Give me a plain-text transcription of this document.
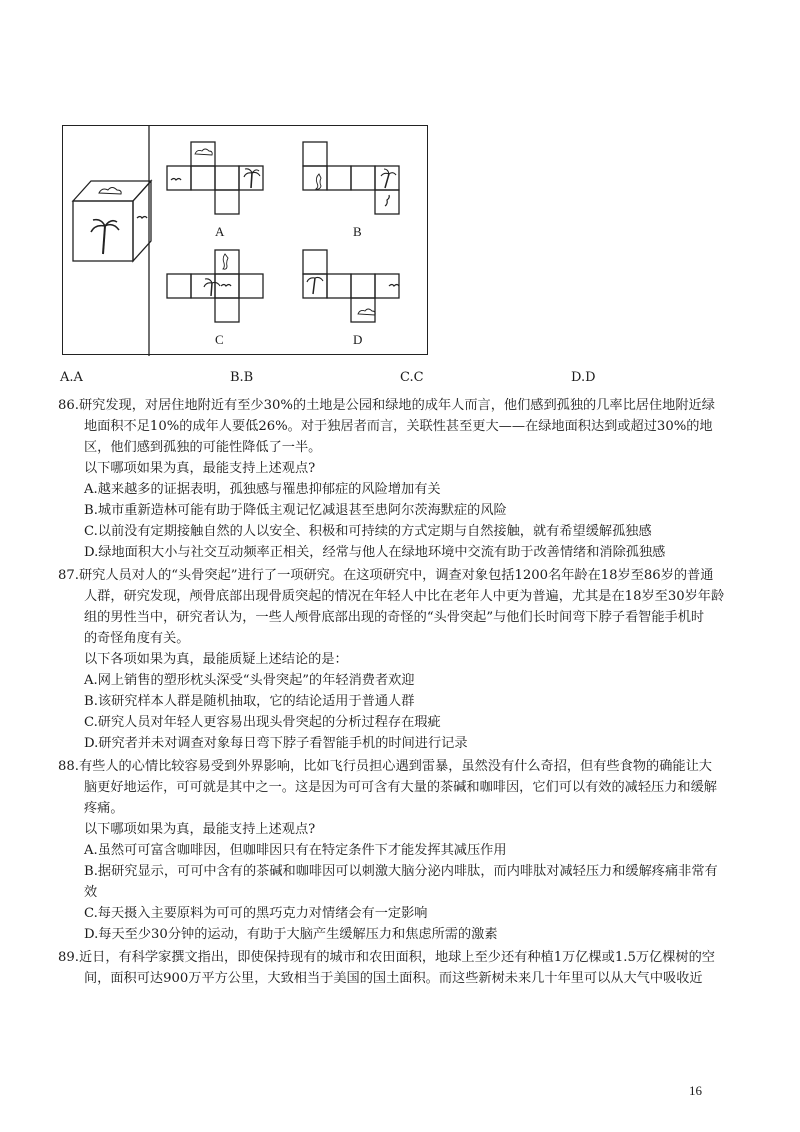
A	B
C	D
A.A	B.B	C.C	D.D
86.研究发现，对居住地附近有至少30%的土地是公园和绿地的成年人而言，他们感到孤独的几率比居住地附近绿
地面积不足10%的成年人要低26%。对于独居者而言，关联性甚至更大——在绿地面积达到或超过30%的地
区，他们感到孤独的可能性降低了一半。
以下哪项如果为真，最能支持上述观点?
A.越来越多的证据表明，孤独感与罹患抑郁症的风险增加有关
B.城市重新造林可能有助于降低主观记忆减退甚至患阿尔茨海默症的风险
C.以前没有定期接触自然的人以安全、积极和可持续的方式定期与自然接触，就有希望缓解孤独感
D.绿地面积大小与社交互动频率正相关，经常与他人在绿地环境中交流有助于改善情绪和消除孤独感
87.研究人员对人的“头骨突起”进行了一项研究。在这项研究中，调查对象包括1200名年龄在18岁至86岁的普通
人群，研究发现，颅骨底部出现骨质突起的情况在年轻人中比在老年人中更为普遍，尤其是在18岁至30岁年龄
组的男性当中，研究者认为，一些人颅骨底部出现的奇怪的“头骨突起”与他们长时间弯下脖子看智能手机时
的奇怪角度有关。
以下各项如果为真，最能质疑上述结论的是：
A.网上销售的塑形枕头深受“头骨突起”的年轻消费者欢迎
B.该研究样本人群是随机抽取，它的结论适用于普通人群
C.研究人员对年轻人更容易出现头骨突起的分析过程存在瑕疵
D.研究者并未对调查对象每日弯下脖子看智能手机的时间进行记录
88.有些人的心情比较容易受到外界影响，比如飞行员担心遇到雷暴，虽然没有什么奇招，但有些食物的确能让大
脑更好地运作，可可就是其中之一。这是因为可可含有大量的茶碱和咖啡因，它们可以有效的减轻压力和缓解
疼痛。
以下哪项如果为真，最能支持上述观点?
A.虽然可可富含咖啡因，但咖啡因只有在特定条件下才能发挥其减压作用
B.据研究显示，可可中含有的茶碱和咖啡因可以刺激大脑分泌内啡肽，而内啡肽对减轻压力和缓解疼痛非常有
效
C.每天摄入主要原料为可可的黑巧克力对情绪会有一定影响
D.每天至少30分钟的运动，有助于大脑产生缓解压力和焦虑所需的激素
89.近日，有科学家撰文指出，即使保持现有的城市和农田面积，地球上至少还有种植1万亿棵或1.5万亿棵树的空
间，面积可达900万平方公里，大致相当于美国的国土面积。而这些新树未来几十年里可以从大气中吸收近
16
